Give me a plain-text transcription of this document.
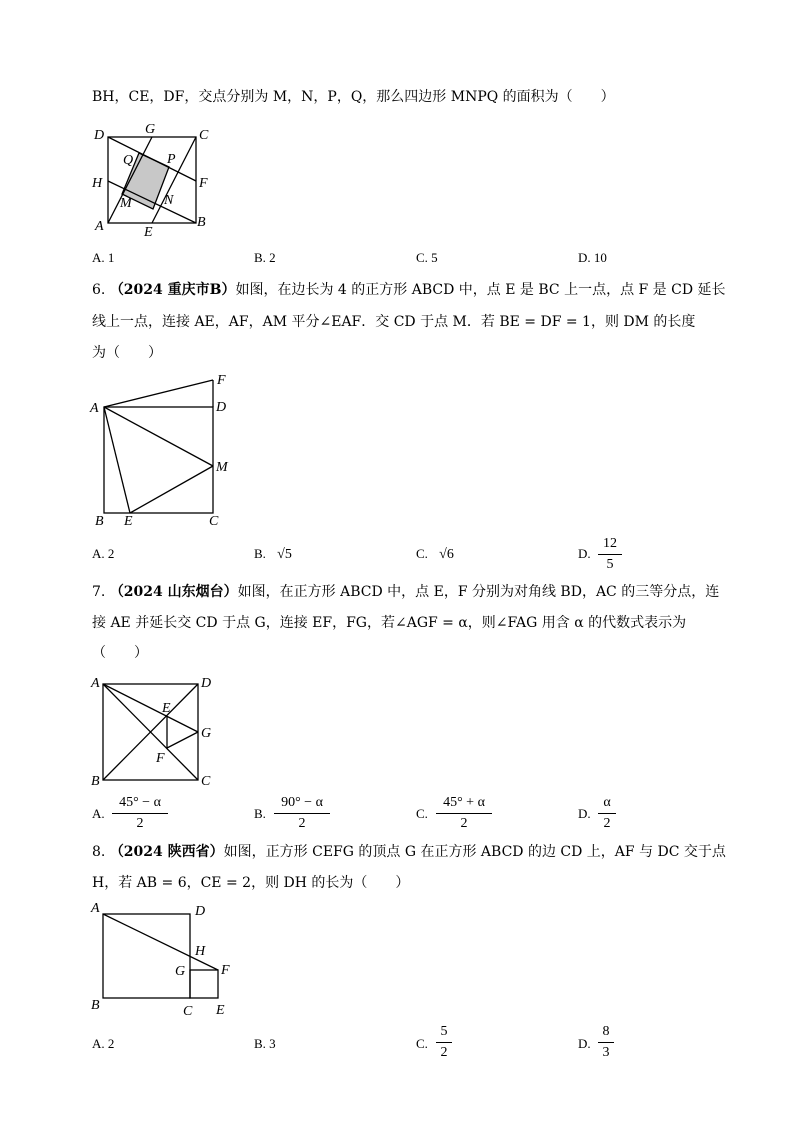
BH，CE，DF，交点分别为 M，N，P，Q，那么四边形 MNPQ 的面积为（　　）
D	G	C
Q P
H	F
M N
A	E
B
A. 1	B. 2	C. 5	D. 10
6. （2024 重庆市B）如图，在边长为 4 的正方形 ABCD 中，点 E 是 BC 上一点，点 F 是 CD 延长
线上一点，连接 AE，AF，AM 平分∠EAF．交 CD 于点 M．若 BE = DF = 1，则 DM 的长度
为（　　）
F
A	D
M
B E	C
A. 2	B. √5	C. √6	D. $\frac{12}{5}$
7. （2024 山东烟台）如图，在正方形 ABCD 中，点 E，F 分别为对角线 BD，AC 的三等分点，连
接 AE 并延长交 CD 于点 G，连接 EF，FG，若∠AGF = α，则∠FAG 用含 α 的代数式表示为
（　　）
A	D
E
G
F
B	C
A. $\frac{45^\circ - \alpha}{2}$	B. $\frac{90^\circ - \alpha}{2}$	C. $\frac{45^\circ + \alpha}{2}$	D. $\frac{\alpha}{2}$
8. （2024 陕西省）如图，正方形 CEFG 的顶点 G 在正方形 ABCD 的边 CD 上，AF 与 DC 交于点
H，若 AB = 6，CE = 2，则 DH 的长为（　　）
A	D
H
G	F
B	C E
A. 2	B. 3	C. $\frac{5}{2}$	D. $\frac{8}{3}$
